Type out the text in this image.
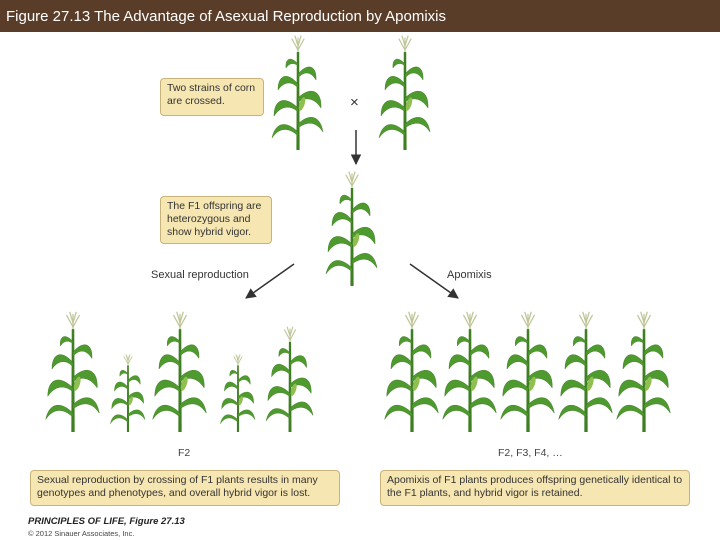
Figure 27.13 The Advantage of Asexual Reproduction by Apomixis
Two strains of corn are crossed.	×
The F1 offspring are heterozygous and show hybrid vigor.
Sexual reproduction	Apomixis
F2	F2, F3, F4, …
Sexual reproduction by crossing of F1 plants results in many genotypes and phenotypes, and overall hybrid vigor is lost.
Apomixis of F1 plants produces offspring genetically identical to the F1 plants, and hybrid vigor is retained.
PRINCIPLES OF LIFE, Figure 27.13
© 2012 Sinauer Associates, Inc.
